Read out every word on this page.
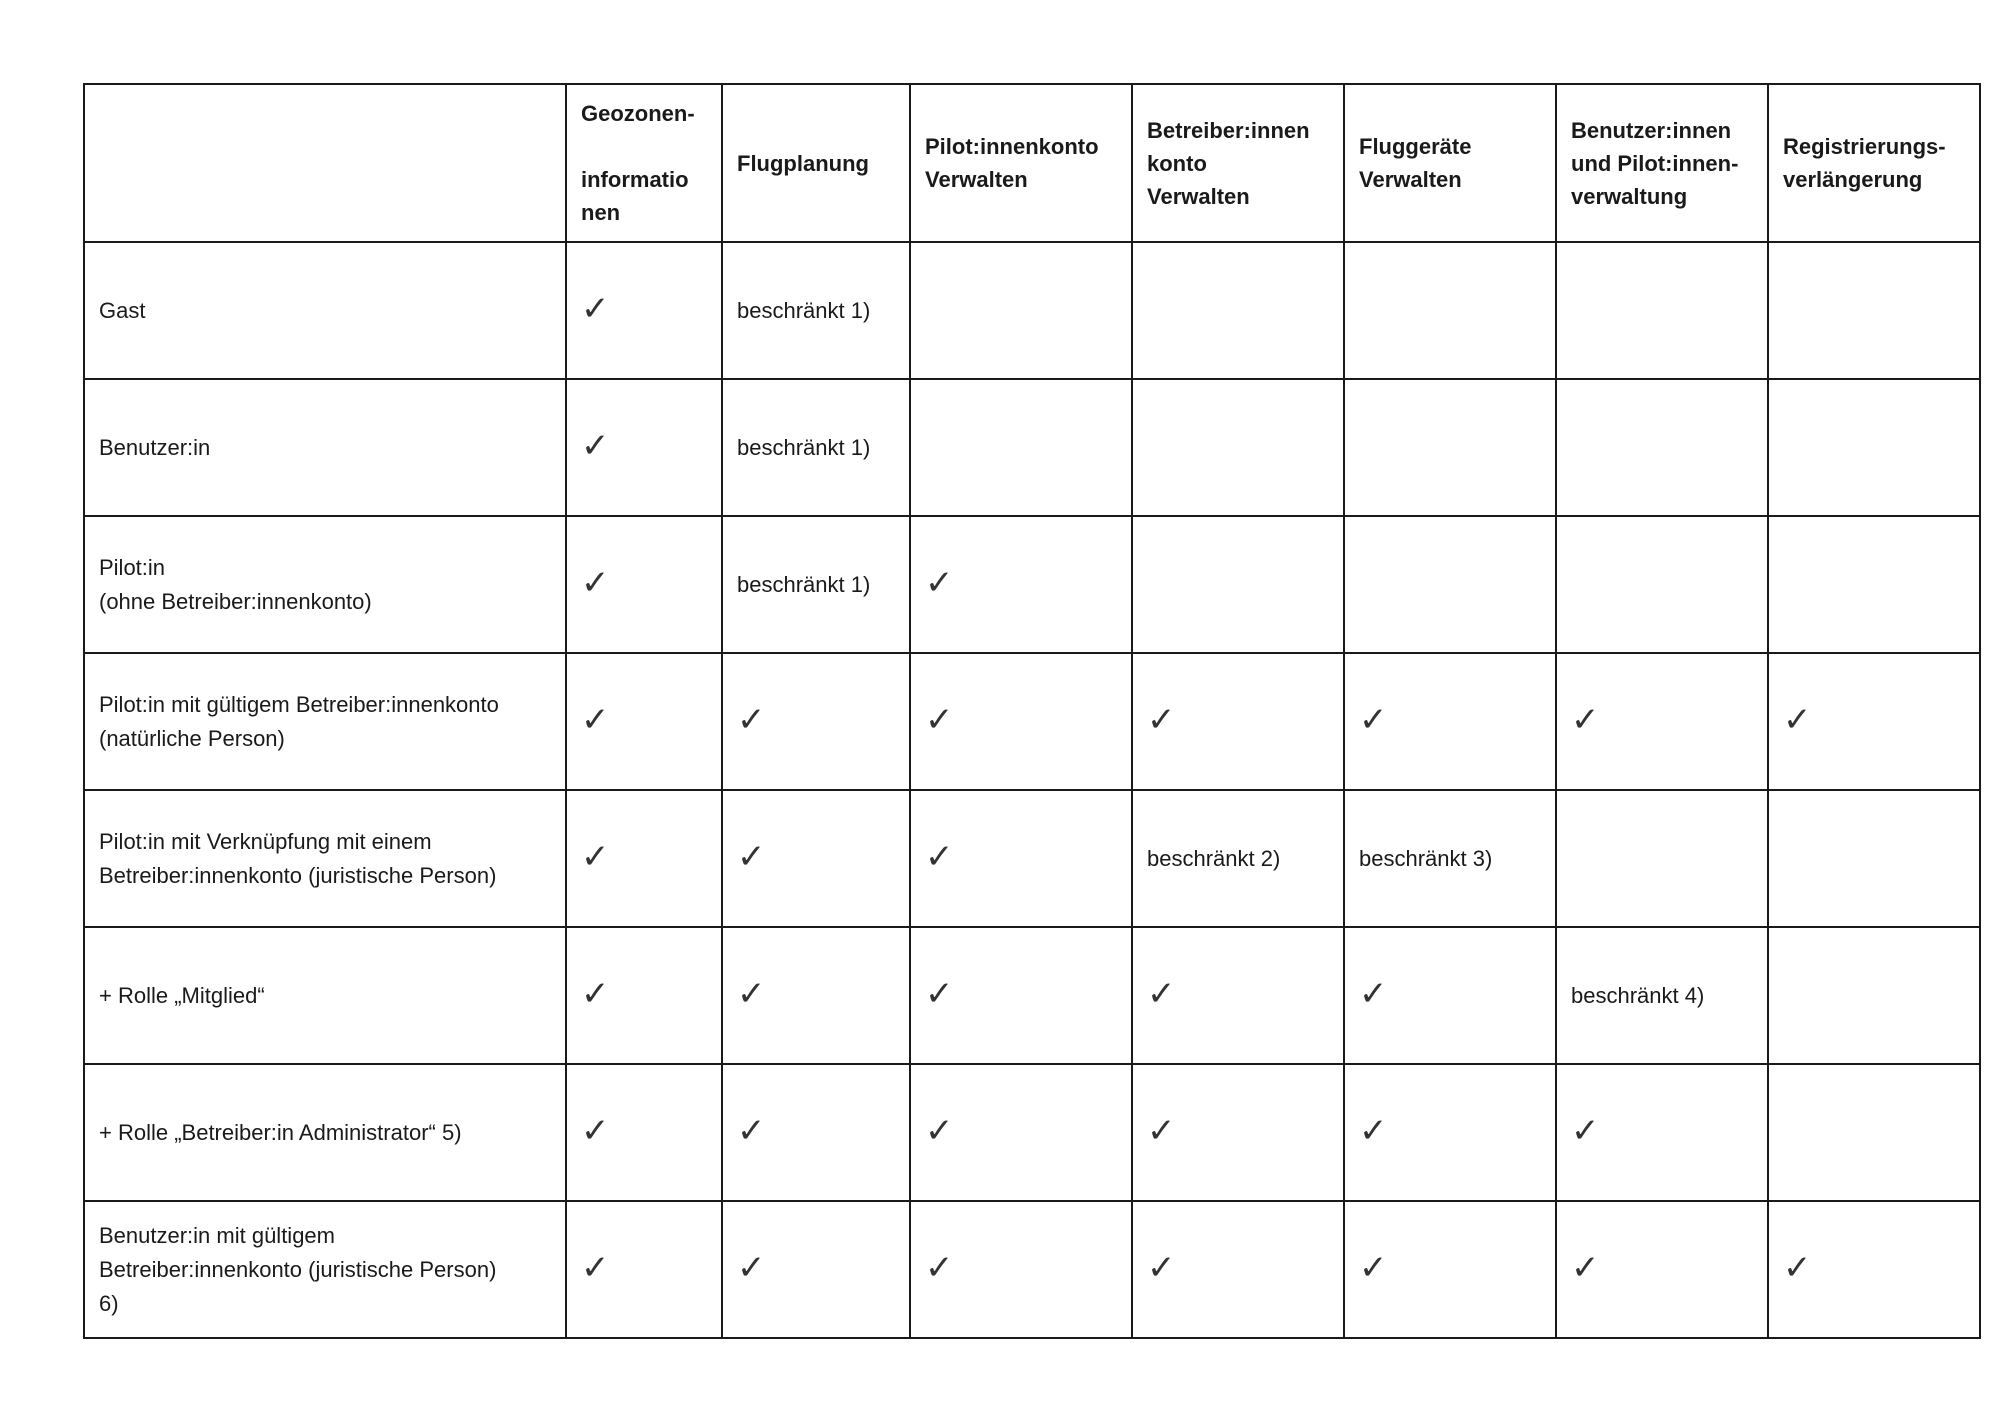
	Geozonen-

informatio
nen	Flugplanung	Pilot:innenkonto
Verwalten	Betreiber:innen
konto
Verwalten	Fluggeräte
Verwalten	Benutzer:innen
und Pilot:innen-
verwaltung	Registrierungs-
verlängerung

Gast	✓	beschränkt 1)					
Benutzer:in	✓	beschränkt 1)					
Pilot:in
(ohne Betreiber:innenkonto)	✓	beschränkt 1)	✓				
Pilot:in mit gültigem Betreiber:innenkonto
(natürliche Person)	✓	✓	✓	✓	✓	✓	✓
Pilot:in mit Verknüpfung mit einem
Betreiber:innenkonto (juristische Person)	✓	✓	✓	beschränkt 2)	beschränkt 3)		
+ Rolle „Mitglied“	✓	✓	✓	✓	✓	beschränkt 4)	
+ Rolle „Betreiber:in Administrator“ 5)	✓	✓	✓	✓	✓	✓	
Benutzer:in mit gültigem
Betreiber:innenkonto (juristische Person)
6)	✓	✓	✓	✓	✓	✓	✓
